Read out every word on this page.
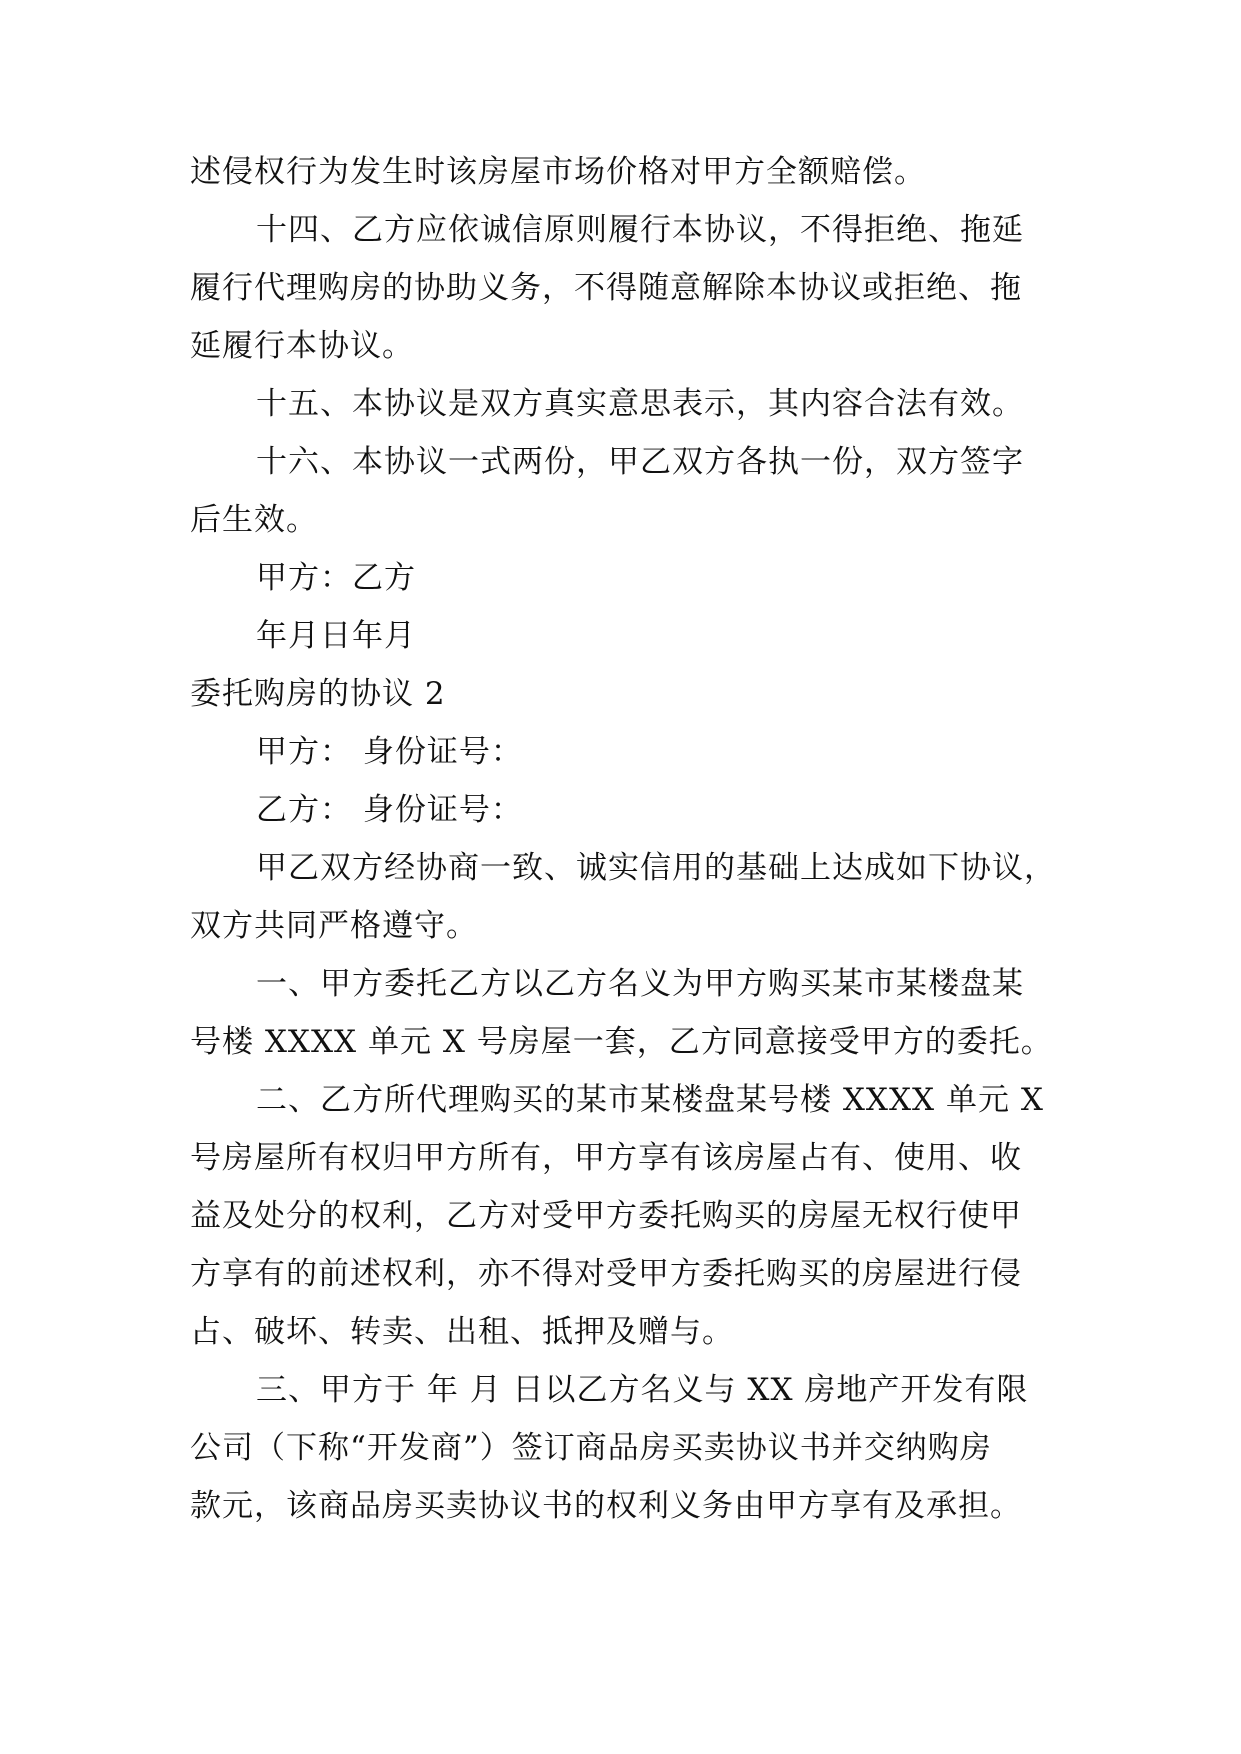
述侵权行为发生时该房屋市场价格对甲方全额赔偿。
十四、乙方应依诚信原则履行本协议，不得拒绝、拖延
履行代理购房的协助义务，不得随意解除本协议或拒绝、拖
延履行本协议。
十五、本协议是双方真实意思表示，其内容合法有效。
十六、本协议一式两份，甲乙双方各执一份，双方签字
后生效。
甲方：乙方
年月日年月
委托购房的协议 2
甲方： 身份证号：
乙方： 身份证号：
甲乙双方经协商一致、诚实信用的基础上达成如下协议，
双方共同严格遵守。
一、甲方委托乙方以乙方名义为甲方购买某市某楼盘某
号楼 XXXX 单元 X 号房屋一套，乙方同意接受甲方的委托。
二、乙方所代理购买的某市某楼盘某号楼 XXXX 单元 X
号房屋所有权归甲方所有，甲方享有该房屋占有、使用、收
益及处分的权利，乙方对受甲方委托购买的房屋无权行使甲
方享有的前述权利，亦不得对受甲方委托购买的房屋进行侵
占、破坏、转卖、出租、抵押及赠与。
三、甲方于 年 月 日以乙方名义与 XX 房地产开发有限
公司（下称“开发商”）签订商品房买卖协议书并交纳购房
款元，该商品房买卖协议书的权利义务由甲方享有及承担。
